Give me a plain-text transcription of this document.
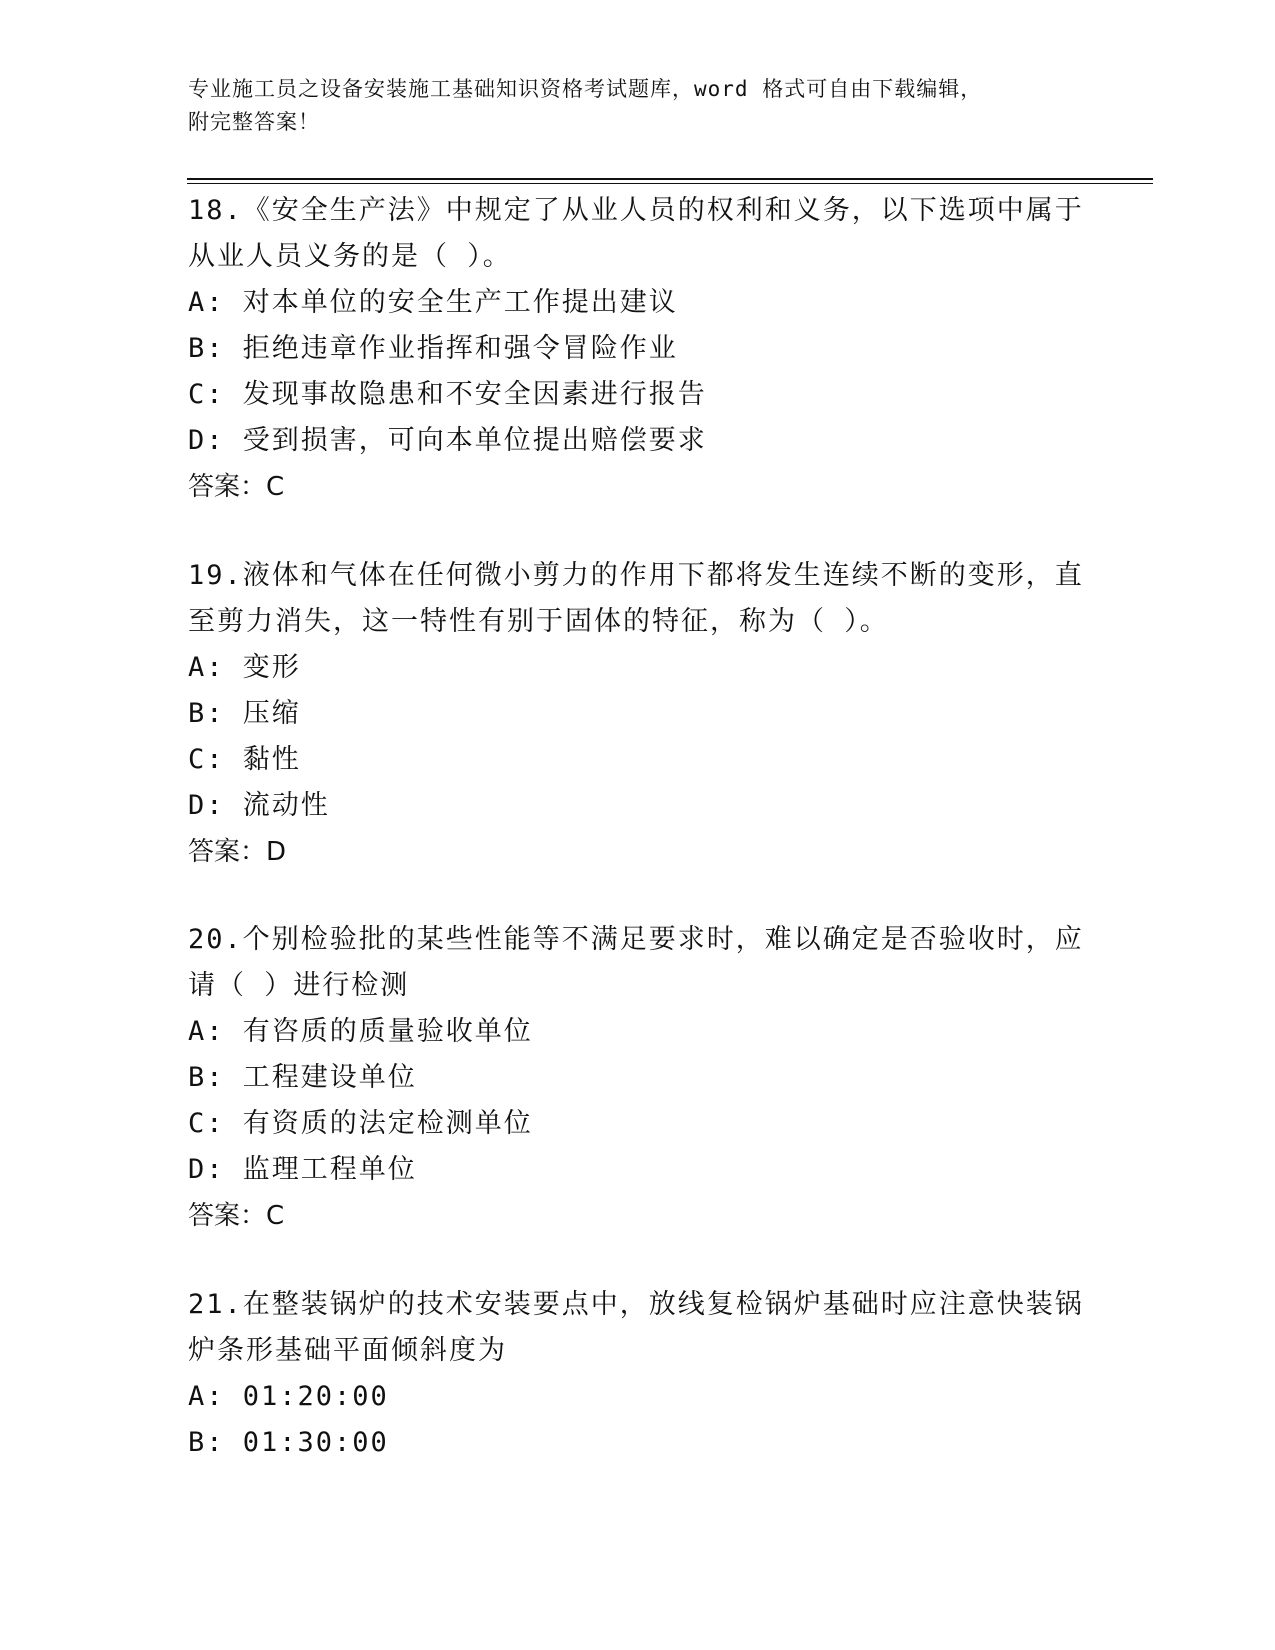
专业施工员之设备安装施工基础知识资格考试题库，word 格式可自由下载编辑，
附完整答案！

18.《安全生产法》中规定了从业人员的权利和义务，以下选项中属于从业人员义务的是（ ）。

A: 对本单位的安全生产工作提出建议

B: 拒绝违章作业指挥和强令冒险作业

C: 发现事故隐患和不安全因素进行报告

D: 受到损害，可向本单位提出赔偿要求

答案：C

19.液体和气体在任何微小剪力的作用下都将发生连续不断的变形，直至剪力消失，这一特性有别于固体的特征，称为（ ）。

A: 变形

B: 压缩

C: 黏性

D: 流动性

答案：D

20.个别检验批的某些性能等不满足要求时，难以确定是否验收时，应请（ ）进行检测

A: 有咨质的质量验收单位

B: 工程建设单位

C: 有资质的法定检测单位

D: 监理工程单位

答案：C

21.在整装锅炉的技术安装要点中，放线复检锅炉基础时应注意快装锅炉条形基础平面倾斜度为

A: 01:20:00

B: 01:30:00
